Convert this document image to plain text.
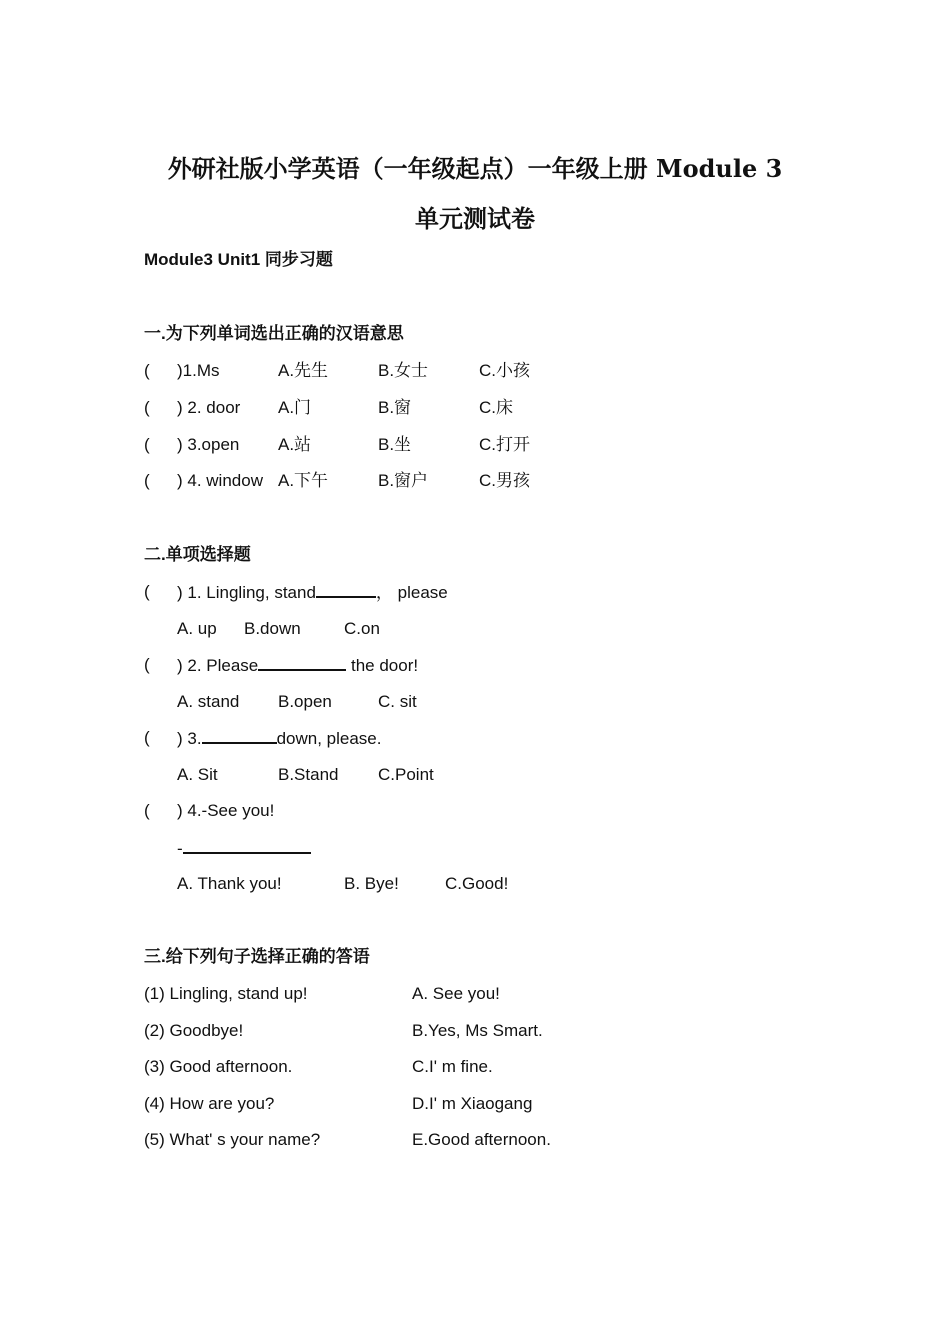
外研社版小学英语（一年级起点）一年级上册 Module 3
单元测试卷
Module3 Unit1 同步习题
一.为下列单词选出正确的汉语意思
( )1.Ms	A.先生	B.女士	C.小孩
( ) 2. door A.门	B.窗	C.床
( ) 3.open A.站	B.坐	C.打开
( ) 4. window A.下午	B.窗户	C.男孩
二.单项选择题
( ) 1. Lingling, stand	， please
A. up B.down	C.on
( ) 2. Please	the door!
A. stand B.open	C. sit
( ) 3.	down, please.
A. Sit	B.Stand C.Point
( ) 4.-See you!
-
A. Thank you!	B. Bye!	C.Good!
三.给下列句子选择正确的答语
(1) Lingling, stand up!	A. See you!
(2) Goodbye!	B.Yes, Ms Smart.
(3) Good afternoon.	C.I' m fine.
(4) How are you?	D.I' m Xiaogang
(5) What' s your name?	E.Good afternoon.
